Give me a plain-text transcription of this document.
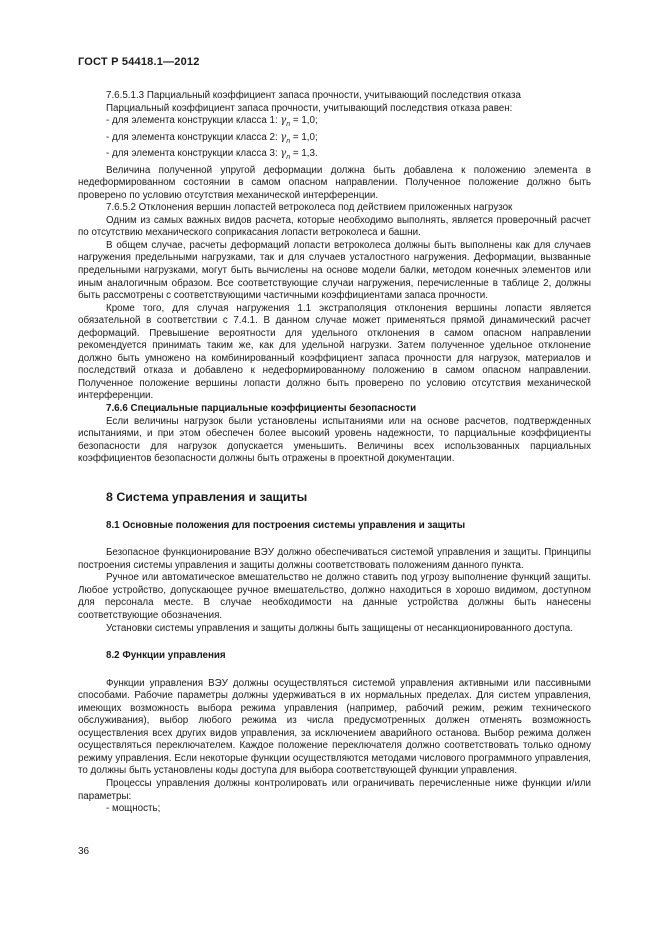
ГОСТ Р 54418.1—2012

7.6.5.1.3 Парциальный коэффициент запаса прочности, учитывающий последствия отказа

Парциальный коэффициент запаса прочности, учитывающий последствия отказа равен:

- для элемента конструкции класса 1: $\gamma_n = 1,0$;

- для элемента конструкции класса 2: $\gamma_n = 1,0$;

- для элемента конструкции класса 3: $\gamma_n = 1,3$.

Величина полученной упругой деформации должна быть добавлена к положению элемента в недеформированном состоянии в самом опасном направлении. Полученное положение должно быть проверено по условию отсутствия механической интерференции.

7.6.5.2 Отклонения вершин лопастей ветроколеса под действием приложенных нагрузок

Одним из самых важных видов расчета, которые необходимо выполнять, является проверочный расчет по отсутствию механического соприкасания лопасти ветроколеса и башни.

В общем случае, расчеты деформаций лопасти ветроколеса должны быть выполнены как для случаев нагружения предельными нагрузками, так и для случаев усталостного нагружения. Деформации, вызванные предельными нагрузками, могут быть вычислены на основе модели балки, методом конечных элементов или иным аналогичным образом. Все соответствующие случаи нагружения, перечисленные в таблице 2, должны быть рассмотрены с соответствующими частичными коэффициентами запаса прочности.

Кроме того, для случая нагружения 1.1 экстраполяция отклонения вершины лопасти является обязательной в соответствии с 7.4.1. В данном случае может применяться прямой динамический расчет деформаций. Превышение вероятности для удельного отклонения в самом опасном направлении рекомендуется принимать таким же, как для удельной нагрузки. Затем полученное удельное отклонение должно быть умножено на комбинированный коэффициент запаса прочности для нагрузок, материалов и последствий отказа и добавлено к недеформированному положению в самом опасном направлении. Полученное положение вершины лопасти должно быть проверено по условию отсутствия механической интерференции.

7.6.6 Специальные парциальные коэффициенты безопасности

Если величины нагрузок были установлены испытаниями или на основе расчетов, подтвержденных испытаниями, и при этом обеспечен более высокий уровень надежности, то парциальные коэффициенты безопасности для нагрузок допускается уменьшить. Величины всех использованных парциальных коэффициентов безопасности должны быть отражены в проектной документации.

8 Система управления и защиты
8.1 Основные положения для построения системы управления и защиты

Безопасное функционирование ВЭУ должно обеспечиваться системой управления и защиты. Принципы построения системы управления и защиты должны соответствовать положениям данного пункта.

Ручное или автоматическое вмешательство не должно ставить под угрозу выполнение функций защиты. Любое устройство, допускающее ручное вмешательство, должно находиться в хорошо видимом, доступном для персонала месте. В случае необходимости на данные устройства должны быть нанесены соответствующие обозначения.

Установки системы управления и защиты должны быть защищены от несанкционированного доступа.

8.2 Функции управления

Функции управления ВЭУ должны осуществляться системой управления активными или пассивными способами. Рабочие параметры должны удерживаться в их нормальных пределах. Для систем управления, имеющих возможность выбора режима управления (например, рабочий режим, режим технического обслуживания), выбор любого режима из числа предусмотренных должен отменять возможность осуществления всех других видов управления, за исключением аварийного останова. Выбор режима должен осуществляться переключателем. Каждое положение переключателя должно соответствовать только одному режиму управления. Если некоторые функции осуществляются методами числового программного управления, то должны быть установлены коды доступа для выбора соответствующей функции управления.

Процессы управления должны контролировать или ограничивать перечисленные ниже функции и/или параметры:

- мощность;

36
